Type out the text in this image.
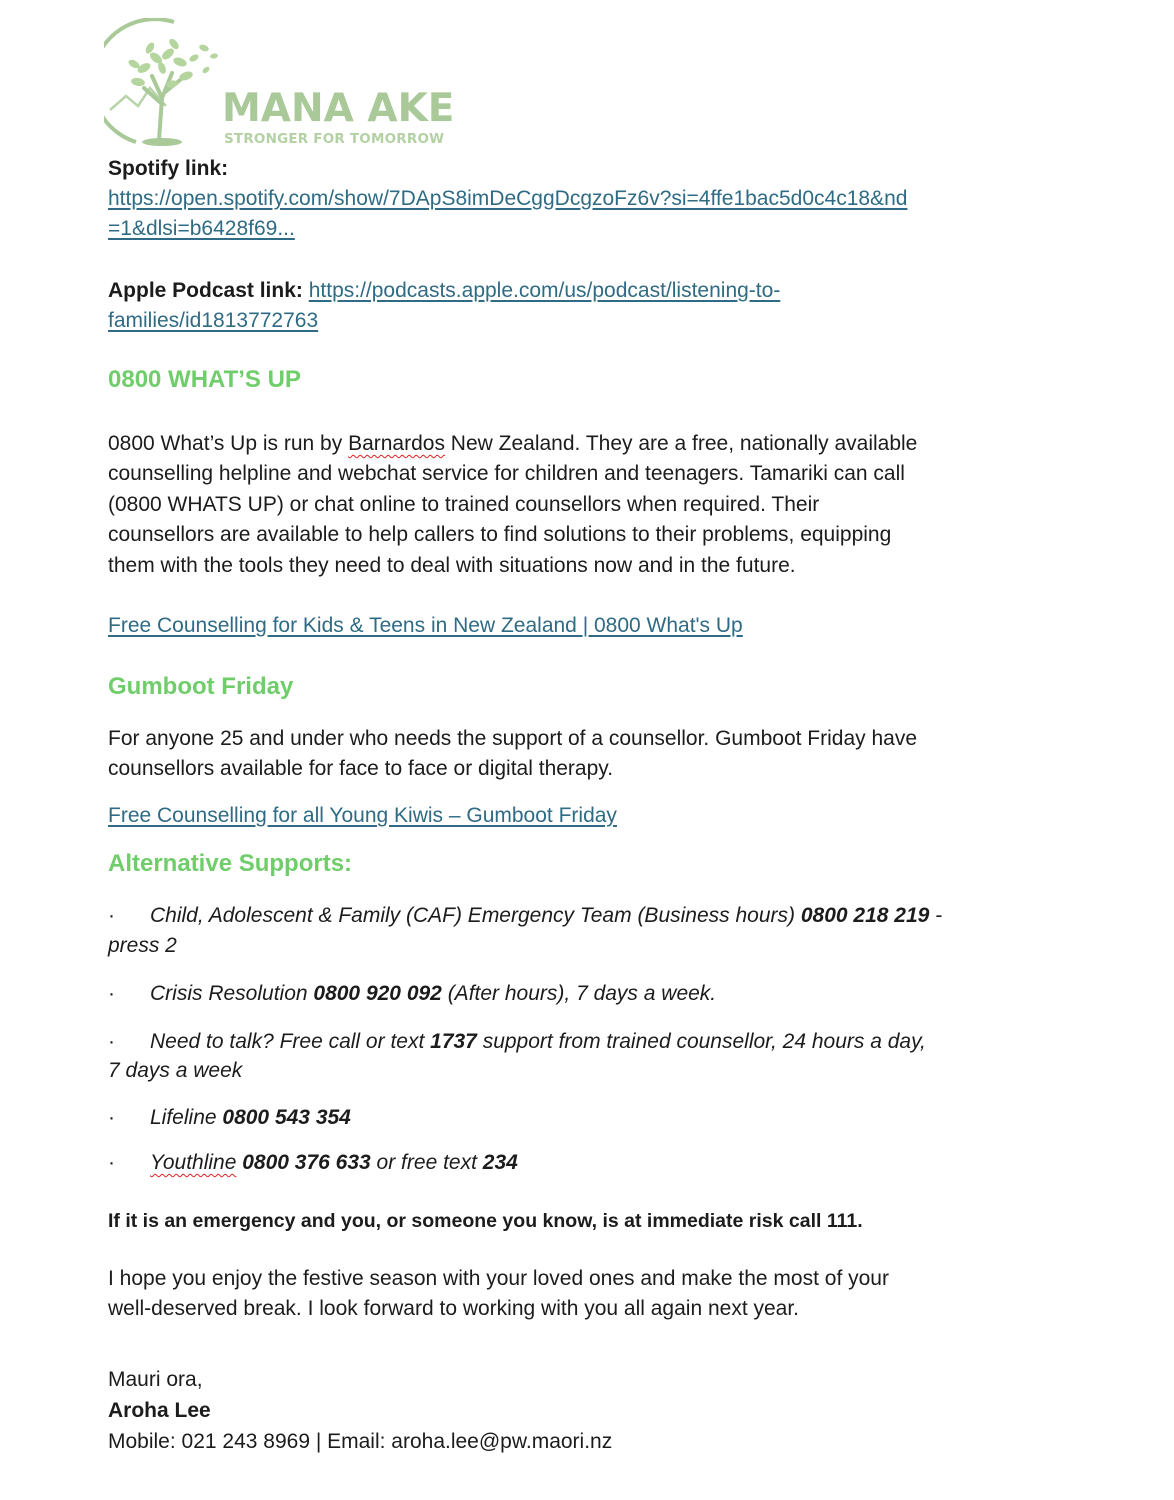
MANA AKE
STRONGER FOR TOMORROW
Spotify link:
https://open.spotify.com/show/7DApS8imDeCggDcgzoFz6v?si=4ffe1bac5d0c4c18&nd
=1&dlsi=b6428f69...
Apple Podcast link: https://podcasts.apple.com/us/podcast/listening-to-
families/id1813772763
0800 WHAT’S UP
0800 What’s Up is run by Barnardos New Zealand. They are a free, nationally available
counselling helpline and webchat service for children and teenagers. Tamariki can call
(0800 WHATS UP) or chat online to trained counsellors when required. Their
counsellors are available to help callers to find solutions to their problems, equipping
them with the tools they need to deal with situations now and in the future.
Free Counselling for Kids & Teens in New Zealand | 0800 What's Up
Gumboot Friday
For anyone 25 and under who needs the support of a counsellor. Gumboot Friday have
counsellors available for face to face or digital therapy.
Free Counselling for all Young Kiwis – Gumboot Friday
Alternative Supports:
· Child, Adolescent & Family (CAF) Emergency Team (Business hours) 0800 218 219 -
press 2
· Crisis Resolution 0800 920 092 (After hours), 7 days a week.
· Need to talk? Free call or text 1737 support from trained counsellor, 24 hours a day,
7 days a week
· Lifeline 0800 543 354
· Youthline 0800 376 633 or free text 234
If it is an emergency and you, or someone you know, is at immediate risk call 111.
I hope you enjoy the festive season with your loved ones and make the most of your
well-deserved break. I look forward to working with you all again next year.
Mauri ora,
Aroha Lee
Mobile: 021 243 8969 | Email: aroha.lee@pw.maori.nz
